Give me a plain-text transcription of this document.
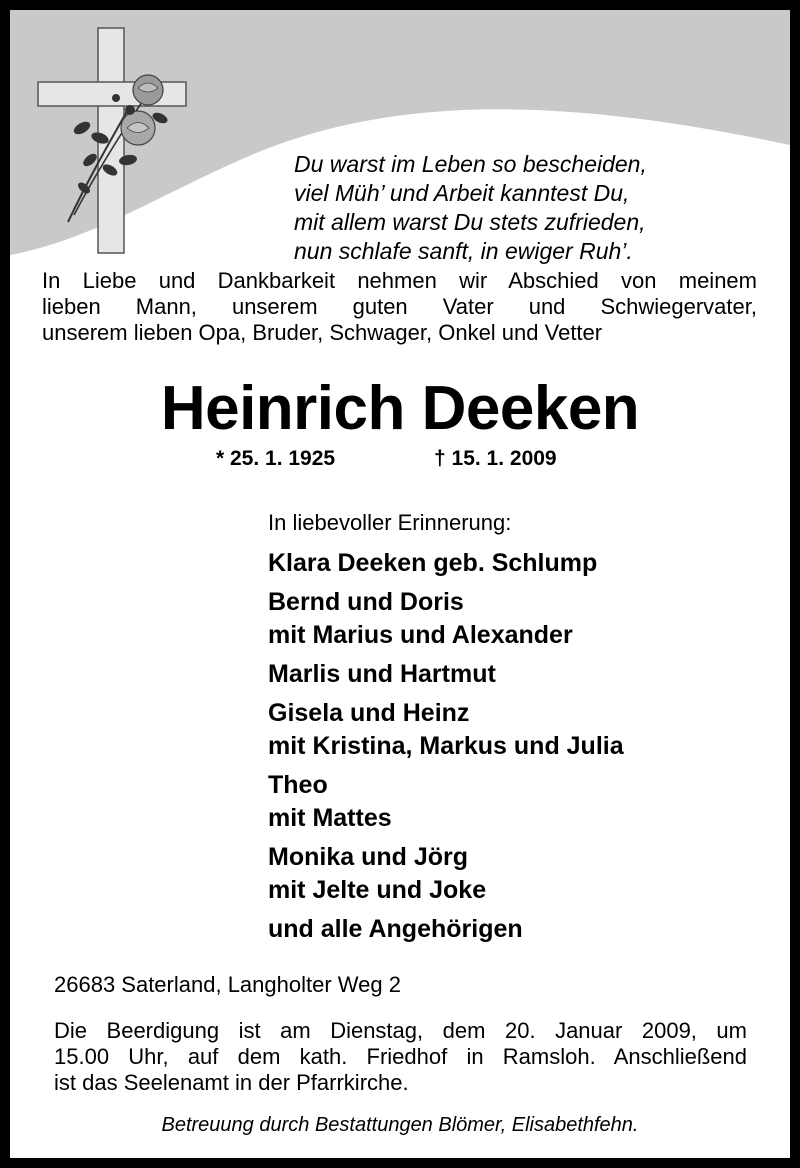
Du warst im Leben so bescheiden,
viel Müh’ und Arbeit kanntest Du,
mit allem warst Du stets zufrieden,
nun schlafe sanft, in ewiger Ruh’.
In Liebe und Dankbarkeit nehmen wir Abschied von meinem
lieben Mann, unserem guten Vater und Schwiegervater,
unserem lieben Opa, Bruder, Schwager, Onkel und Vetter
Heinrich Deeken
* 25. 1. 1925	† 15. 1. 2009
In liebevoller Erinnerung:
Klara Deeken geb. Schlump
Bernd und Doris
mit Marius und Alexander
Marlis und Hartmut
Gisela und Heinz
mit Kristina, Markus und Julia
Theo
mit Mattes
Monika und Jörg
mit Jelte und Joke
und alle Angehörigen
26683 Saterland, Langholter Weg 2
Die Beerdigung ist am Dienstag, dem 20. Januar 2009, um
15.00 Uhr, auf dem kath. Friedhof in Ramsloh. Anschließend
ist das Seelenamt in der Pfarrkirche.
Betreuung durch Bestattungen Blömer, Elisabethfehn.
